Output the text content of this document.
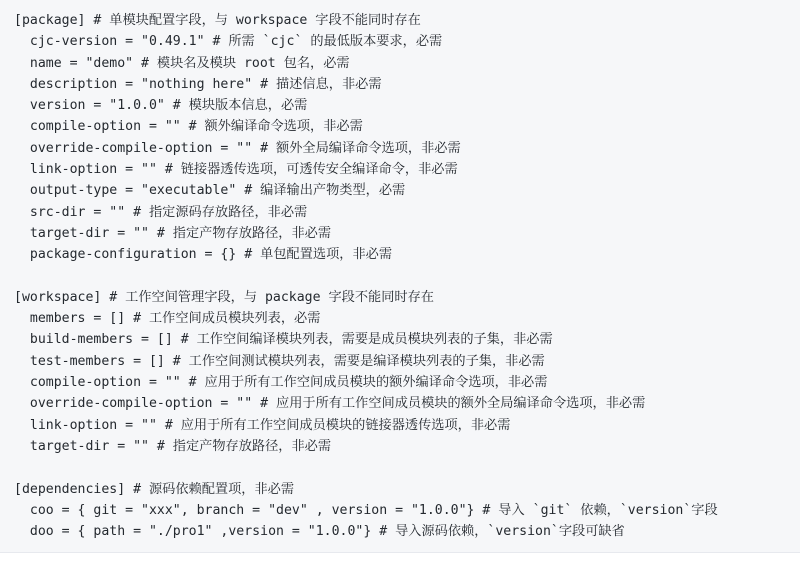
[package] # 单模块配置字段，与 workspace 字段不能同时存在
cjc-version = "0.49.1" # 所需 `cjc` 的最低版本要求，必需
name = "demo" # 模块名及模块 root 包名，必需
description = "nothing here" # 描述信息，非必需
version = "1.0.0" # 模块版本信息，必需
compile-option = "" # 额外编译命令选项，非必需
override-compile-option = "" # 额外全局编译命令选项，非必需
link-option = "" # 链接器透传选项，可透传安全编译命令，非必需
output-type = "executable" # 编译输出产物类型，必需
src-dir = "" # 指定源码存放路径，非必需
target-dir = "" # 指定产物存放路径，非必需
package-configuration = {} # 单包配置选项，非必需
[workspace] # 工作空间管理字段，与 package 字段不能同时存在
members = [] # 工作空间成员模块列表，必需
build-members = [] # 工作空间编译模块列表，需要是成员模块列表的子集，非必需
test-members = [] # 工作空间测试模块列表，需要是编译模块列表的子集，非必需
compile-option = "" # 应用于所有工作空间成员模块的额外编译命令选项，非必需
override-compile-option = "" # 应用于所有工作空间成员模块的额外全局编译命令选项，非必需
link-option = "" # 应用于所有工作空间成员模块的链接器透传选项，非必需
target-dir = "" # 指定产物存放路径，非必需
[dependencies] # 源码依赖配置项，非必需
coo = { git = "xxx", branch = "dev" , version = "1.0.0"} # 导入 `git` 依赖，`version`字段
doo = { path = "./pro1" ,version = "1.0.0"} # 导入源码依赖，`version`字段可缺省
